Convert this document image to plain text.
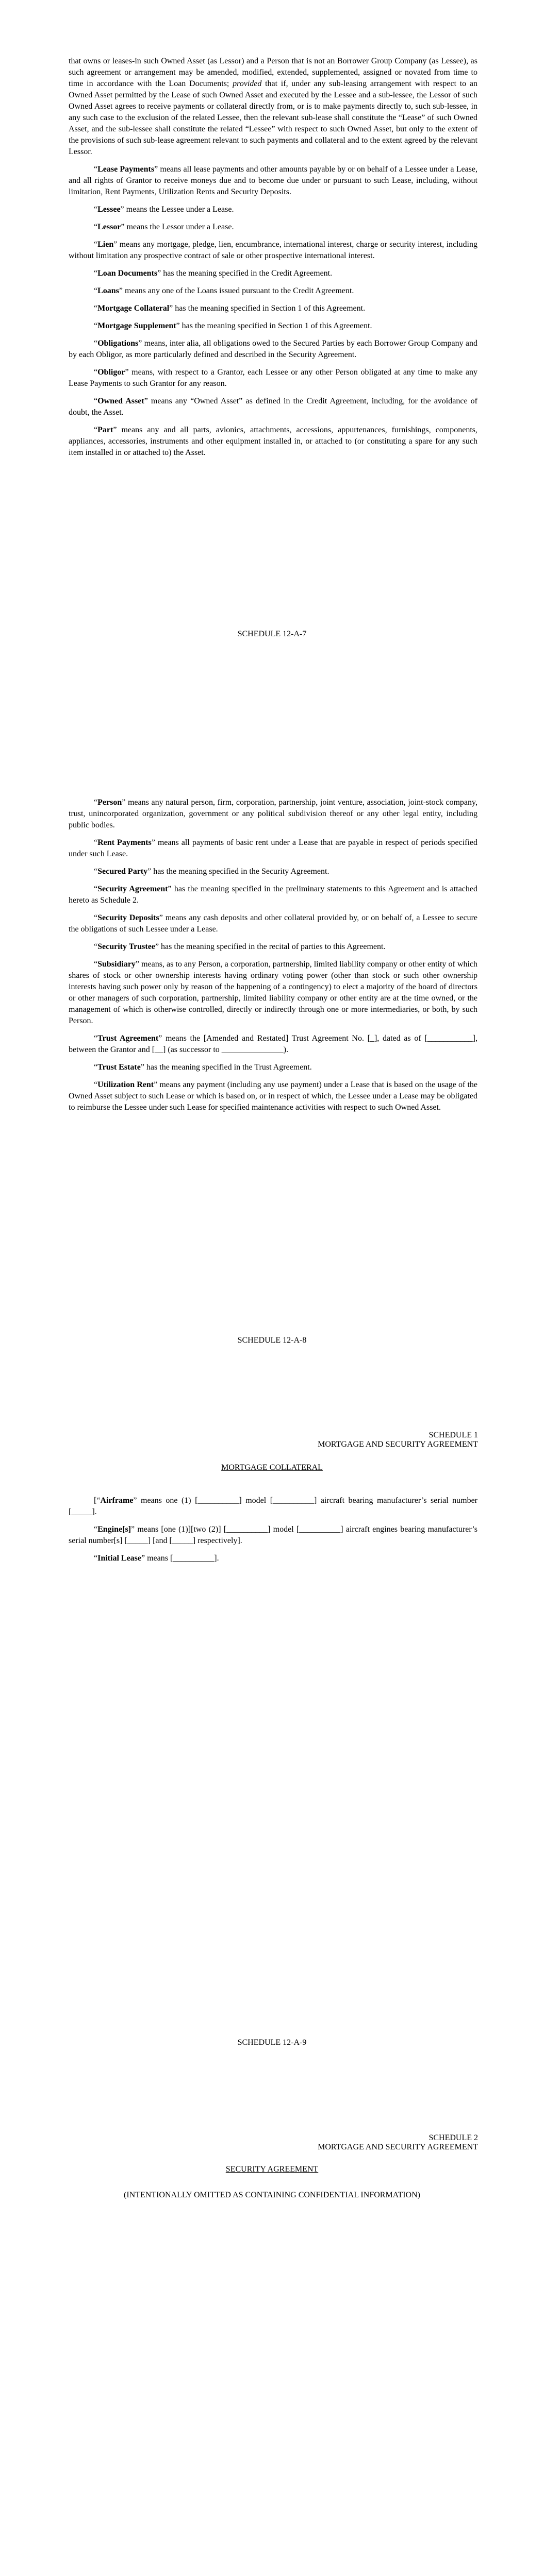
that owns or leases-in such Owned Asset (as Lessor) and a Person that is not an Borrower Group Company (as Lessee), as such agreement or arrangement may be amended, modified, extended, supplemented, assigned or novated from time to time in accordance with the Loan Documents; provided that if, under any sub-leasing arrangement with respect to an Owned Asset permitted by the Lease of such Owned Asset and executed by the Lessee and a sub-lessee, the Lessor of such Owned Asset agrees to receive payments or collateral directly from, or is to make payments directly to, such sub-lessee, in any such case to the exclusion of the related Lessee, then the relevant sub-lease shall constitute the “Lease” of such Owned Asset, and the sub-lessee shall constitute the related “Lessee” with respect to such Owned Asset, but only to the extent of the provisions of such sub-lease agreement relevant to such payments and collateral and to the extent agreed by the relevant Lessor.

“Lease Payments” means all lease payments and other amounts payable by or on behalf of a Lessee under a Lease, and all rights of Grantor to receive moneys due and to become due under or pursuant to such Lease, including, without limitation, Rent Payments, Utilization Rents and Security Deposits.

“Lessee” means the Lessee under a Lease.

“Lessor” means the Lessor under a Lease.

“Lien” means any mortgage, pledge, lien, encumbrance, international interest, charge or security interest, including without limitation any prospective contract of sale or other prospective international interest.

“Loan Documents” has the meaning specified in the Credit Agreement.

“Loans” means any one of the Loans issued pursuant to the Credit Agreement.

“Mortgage Collateral” has the meaning specified in Section 1 of this Agreement.

“Mortgage Supplement” has the meaning specified in Section 1 of this Agreement.

“Obligations” means, inter alia, all obligations owed to the Secured Parties by each Borrower Group Company and by each Obligor, as more particularly defined and described in the Security Agreement.

“Obligor” means, with respect to a Grantor, each Lessee or any other Person obligated at any time to make any Lease Payments to such Grantor for any reason.

“Owned Asset” means any “Owned Asset” as defined in the Credit Agreement, including, for the avoidance of doubt, the Asset.

“Part” means any and all parts, avionics, attachments, accessions, appurtenances, furnishings, components, appliances, accessories, instruments and other equipment installed in, or attached to (or constituting a spare for any such item installed in or attached to) the Asset.

SCHEDULE 12-A-7

“Person” means any natural person, firm, corporation, partnership, joint venture, association, joint-stock company, trust, unincorporated organization, government or any political subdivision thereof or any other legal entity, including public bodies.

“Rent Payments” means all payments of basic rent under a Lease that are payable in respect of periods specified under such Lease.

“Secured Party” has the meaning specified in the Security Agreement.

“Security Agreement” has the meaning specified in the preliminary statements to this Agreement and is attached hereto as Schedule 2.

“Security Deposits” means any cash deposits and other collateral provided by, or on behalf of, a Lessee to secure the obligations of such Lessee under a Lease.

“Security Trustee” has the meaning specified in the recital of parties to this Agreement.

“Subsidiary” means, as to any Person, a corporation, partnership, limited liability company or other entity of which shares of stock or other ownership interests having ordinary voting power (other than stock or such other ownership interests having such power only by reason of the happening of a contingency) to elect a majority of the board of directors or other managers of such corporation, partnership, limited liability company or other entity are at the time owned, or the management of which is otherwise controlled, directly or indirectly through one or more intermediaries, or both, by such Person.

“Trust Agreement” means the [Amended and Restated] Trust Agreement No. [_], dated as of [___________], between the Grantor and [__] (as successor to _______________).

“Trust Estate” has the meaning specified in the Trust Agreement.

“Utilization Rent” means any payment (including any use payment) under a Lease that is based on the usage of the Owned Asset subject to such Lease or which is based on, or in respect of which, the Lessee under a Lease may be obligated to reimburse the Lessee under such Lease for specified maintenance activities with respect to such Owned Asset.

SCHEDULE 12-A-8
SCHEDULE 1
MORTGAGE AND SECURITY AGREEMENT
MORTGAGE COLLATERAL

[“Airframe” means one (1) [__________] model [__________] aircraft bearing manufacturer’s serial number [_____].

“Engine[s]” means [one (1)][two (2)] [__________] model [__________] aircraft engines bearing manufacturer’s serial number[s] [_____] [and [_____] respectively].

“Initial Lease” means [__________].

SCHEDULE 12-A-9
SCHEDULE 2
MORTGAGE AND SECURITY AGREEMENT
SECURITY AGREEMENT
(INTENTIONALLY OMITTED AS CONTAINING CONFIDENTIAL INFORMATION)
